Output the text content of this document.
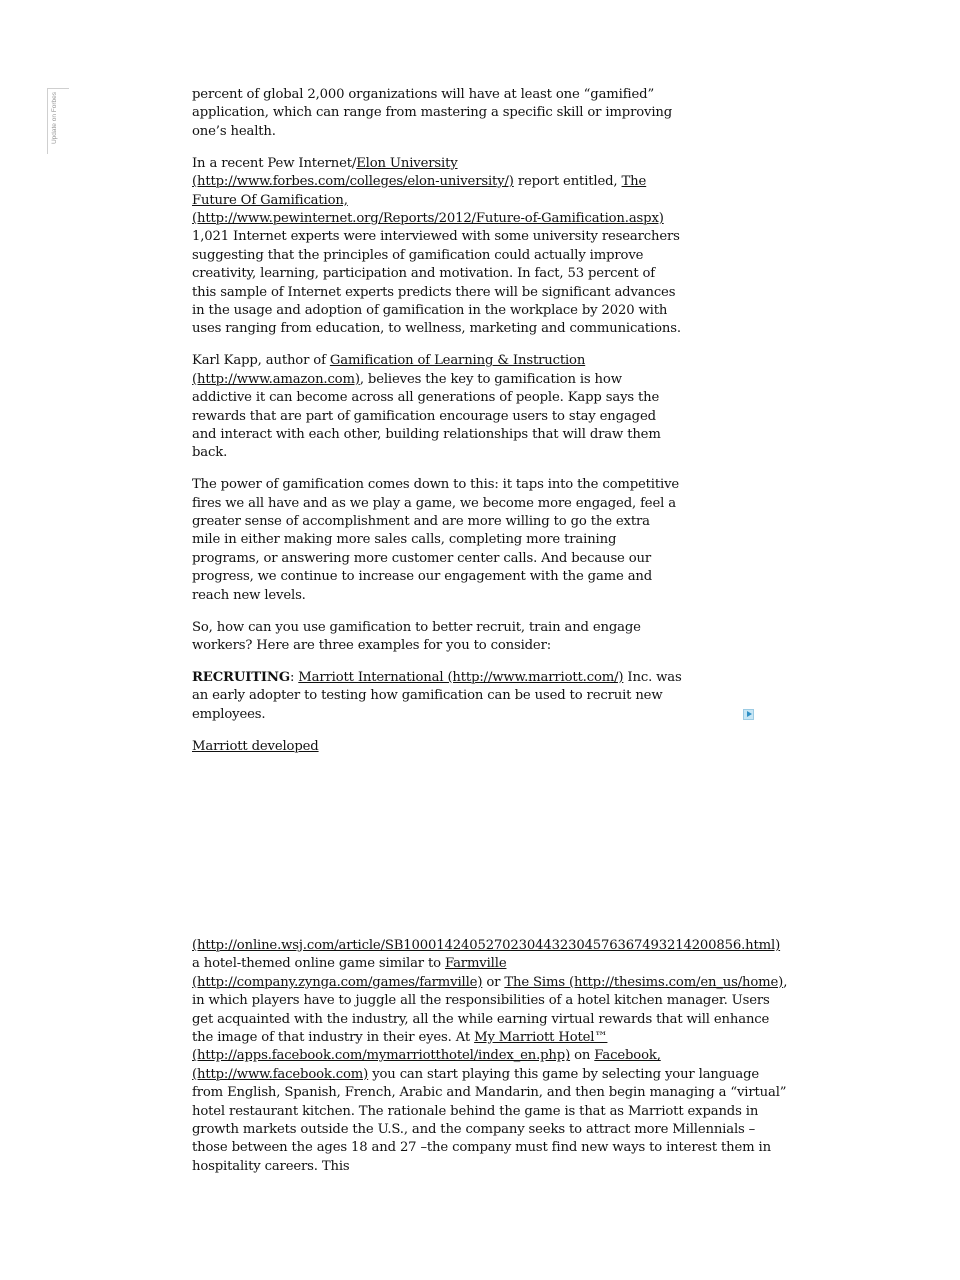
Update on Forbes	percent of global 2,000 organizations will have at least one “gamified” application, which can range from mastering a specific skill or improving one’s health.

In a recent Pew Internet/Elon University (http://www.forbes.com/colleges/elon-university/) report entitled, The Future Of Gamification, (http://www.pewinternet.org/Reports/2012/Future-of-Gamification.aspx) 1,021 Internet experts were interviewed with some university researchers suggesting that the principles of gamification could actually improve creativity, learning, participation and motivation. In fact, 53 percent of this sample of Internet experts predicts there will be significant advances in the usage and adoption of gamification in the workplace by 2020 with uses ranging from education, to wellness, marketing and communications.

Karl Kapp, author of Gamification of Learning & Instruction (http://www.amazon.com), believes the key to gamification is how addictive it can become across all generations of people. Kapp says the rewards that are part of gamification encourage users to stay engaged and interact with each other, building relationships that will draw them back.

The power of gamification comes down to this: it taps into the competitive fires we all have and as we play a game, we become more engaged, feel a greater sense of accomplishment and are more willing to go the extra mile in either making more sales calls, completing more training programs, or answering more customer center calls. And because our progress, we continue to increase our engagement with the game and reach new levels.

So, how can you use gamification to better recruit, train and engage workers? Here are three examples for you to consider:

RECRUITING: Marriott International (http://www.marriott.com/) Inc. was an early adopter to testing how gamification can be used to recruit new employees.

Marriott developed

(http://online.wsj.com/article/SB10001424052702304432304576367493214200856.html)
a hotel-themed online game similar to Farmville (http://company.zynga.com/games/farmville) or The Sims (http://thesims.com/en_us/home), in which players have to juggle all the responsibilities of a hotel kitchen manager. Users get acquainted with the industry, all the while earning virtual rewards that will enhance the image of that industry in their eyes. At My Marriott Hotel™ (http://apps.facebook.com/mymarriotthotel/index_en.php) on Facebook, (http://www.facebook.com) you can start playing this game by selecting your language from English, Spanish, French, Arabic and Mandarin, and then begin managing a “virtual” hotel restaurant kitchen. The rationale behind the game is that as Marriott expands in growth markets outside the U.S., and the company seeks to attract more Millennials – those between the ages 18 and 27 –the company must find new ways to interest them in hospitality careers. This
